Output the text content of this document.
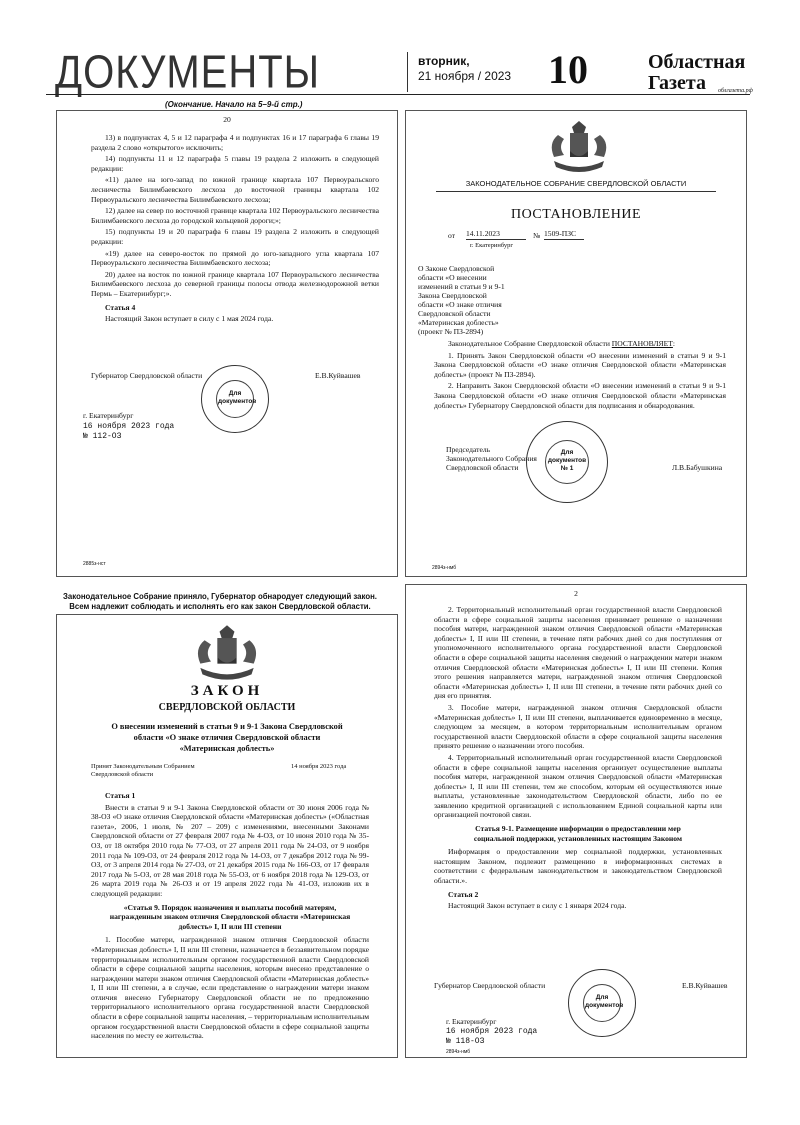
ДОКУМЕНТЫ	вторник,
21 ноября / 2023 10	Областная
Газета	облгазета.рф
(Окончание. Начало на 5–9-й стр.)
20

13) в подпунктах 4, 5 и 12 параграфа 4 и подпунктах 16 и 17 параграфа 6 главы 19 раздела 2 слово «открытого» исключить;

14) подпункты 11 и 12 параграфа 5 главы 19 раздела 2 изложить в следующей редакции:

«11) далее на юго-запад по южной границе квартала 107 Первоуральского лесничества Билимбаевского лесхоза до восточной границы квартала 102 Первоуральского лесничества Билимбаевского лесхоза;

12) далее на север по восточной границе квартала 102 Первоуральского лесничества Билимбаевского лесхоза до городской кольцевой дороги;»;

15) подпункты 19 и 20 параграфа 6 главы 19 раздела 2 изложить в следующей редакции:

«19) далее на северо-восток по прямой до юго-западного угла квартала 107 Первоуральского лесничества Билимбаевского лесхоза;

20) далее на восток по южной границе квартала 107 Первоуральского лесничества Билимбаевского лесхоза до северной границы полосы отвода железнодорожной ветки Пермь – Екатеринбург;».

Статья 4

Настоящий Закон вступает в силу с 1 мая 2024 года.

Губернатор Свердловской области	Е.В.Куйвашев
Для документов
г. Екатеринбург
16 ноября 2023 года
№ 112-ОЗ
2885з-нст
ЗАКОНОДАТЕЛЬНОЕ СОБРАНИЕ СВЕРДЛОВСКОЙ ОБЛАСТИ
ПОСТАНОВЛЕНИЕ
от 14.11.2023	№ 1509-ПЗС
г. Екатеринбург
О Законе Свердловской
области «О внесении
изменений в статьи 9 и 9-1
Закона Свердловской
области «О знаке отличия
Свердловской области
«Материнская доблесть»
(проект № ПЗ-2894)

Законодательное Собрание Свердловской области ПОСТАНОВЛЯЕТ:

1. Принять Закон Свердловской области «О внесении изменений в статьи 9 и 9-1 Закона Свердловской области «О знаке отличия Свердловской области «Материнская доблесть» (проект № ПЗ-2894).

2. Направить Закон Свердловской области «О внесении изменений в статьи 9 и 9-1 Закона Свердловской области «О знаке отличия Свердловской области «Материнская доблесть» Губернатору Свердловской области для подписания и обнародования.

Председатель
Законодательного Собрания
Свердловской области	Л.В.Бабушкина
Для документов № 1
2894з-нмб
Законодательное Собрание приняло, Губернатор обнародует следующий закон. Всем надлежит соблюдать и исполнять его как закон Свердловской области.
ЗАКОН
СВЕРДЛОВСКОЙ ОБЛАСТИ
О внесении изменений в статьи 9 и 9-1 Закона Свердловской области «О знаке отличия Свердловской области «Материнская доблесть»
Принят Законодательным Собранием Свердловской области
14 ноября 2023 года

Статья 1

Внести в статьи 9 и 9-1 Закона Свердловской области от 30 июня 2006 года № 38-ОЗ «О знаке отличия Свердловской области «Материнская доблесть» («Областная газета», 2006, 1 июля, № 207 – 209) с изменениями, внесенными Законами Свердловской области от 27 февраля 2007 года № 4-ОЗ, от 10 июня 2010 года № 35-ОЗ, от 18 октября 2010 года № 77-ОЗ, от 27 апреля 2011 года № 24-ОЗ, от 9 ноября 2011 года № 109-ОЗ, от 24 февраля 2012 года № 14-ОЗ, от 7 декабря 2012 года № 99-ОЗ, от 3 апреля 2014 года № 27-ОЗ, от 21 декабря 2015 года № 166-ОЗ, от 17 февраля 2017 года № 5-ОЗ, от 28 мая 2018 года № 55-ОЗ, от 6 ноября 2018 года № 129-ОЗ, от 26 марта 2019 года № 26-ОЗ и от 19 апреля 2022 года № 41-ОЗ, изложив их в следующей редакции:

«Статья 9. Порядок назначения и выплаты пособий матерям, награжденным знаком отличия Свердловской области «Материнская доблесть» I, II или III степени

1. Пособие матери, награжденной знаком отличия Свердловской области «Материнская доблесть» I, II или III степени, назначается в беззаявительном порядке территориальным исполнительным органом государственной власти Свердловской области в сфере социальной защиты населения, которым внесено представление о награждении матери знаком отличия Свердловской области «Материнская доблесть» I, II или III степени, а в случае, если представление о награждении матери знаком отличия внесено Губернатору Свердловской области не по предложению территориального исполнительного органа государственной власти Свердловской области в сфере социальной защиты населения, – территориальным исполнительным органом государственной власти Свердловской области в сфере социальной защиты населения по месту ее жительства.

2

2. Территориальный исполнительный орган государственной власти Свердловской области в сфере социальной защиты населения принимает решение о назначении пособия матери, награжденной знаком отличия Свердловской области «Материнская доблесть» I, II или III степени, в течение пяти рабочих дней со дня поступления от уполномоченного исполнительного органа государственной власти Свердловской области в сфере социальной защиты населения сведений о награждении матери знаком отличия Свердловской области «Материнская доблесть» I, II или III степени. Копия этого решения направляется матери, награжденной знаком отличия Свердловской области «Материнская доблесть» I, II или III степени, в течение пяти рабочих дней со дня его принятия.

3. Пособие матери, награжденной знаком отличия Свердловской области «Материнская доблесть» I, II или III степени, выплачивается единовременно в месяце, следующем за месяцем, в котором территориальным исполнительным органом государственной власти Свердловской области в сфере социальной защиты населения принято решение о назначении этого пособия.

4. Территориальный исполнительный орган государственной власти Свердловской области в сфере социальной защиты населения организует осуществление выплаты пособия матери, награжденной знаком отличия Свердловской области «Материнская доблесть» I, II или III степени, тем же способом, которым ей осуществляются иные выплаты, установленные законодательством Свердловской области, либо по ее заявлению кредитной организацией с использованием Единой социальной карты или организацией почтовой связи.

Статья 9-1. Размещение информации о предоставлении мер социальной поддержки, установленных настоящим Законом

Информация о предоставлении мер социальной поддержки, установленных настоящим Законом, подлежит размещению в информационных системах в соответствии с федеральным законодательством и законодательством Свердловской области.».

Статья 2

Настоящий Закон вступает в силу с 1 января 2024 года.

Губернатор Свердловской области	Е.В.Куйвашев
Для документов
г. Екатеринбург
16 ноября 2023 года
№ 118-ОЗ
2894з-нмб
